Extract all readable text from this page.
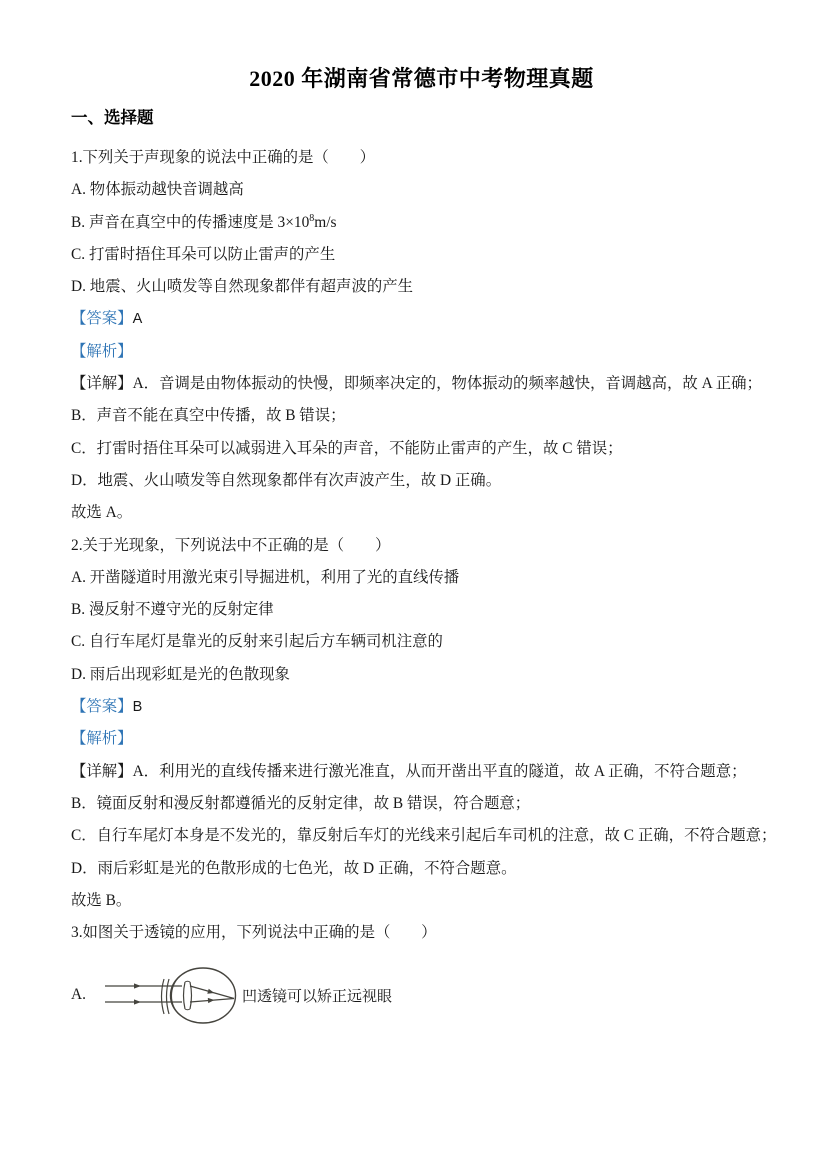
2020 年湖南省常德市中考物理真题
一、选择题
1.下列关于声现象的说法中正确的是（　　）
A. 物体振动越快音调越高
B. 声音在真空中的传播速度是 $3\times 10^8m/s$
C. 打雷时捂住耳朵可以防止雷声的产生
D. 地震、火山喷发等自然现象都伴有超声波的产生
【答案】A
【解析】
【详解】A．音调是由物体振动的快慢，即频率决定的，物体振动的频率越快，音调越高，故 A 正确；
B．声音不能在真空中传播，故 B 错误；
C．打雷时捂住耳朵可以减弱进入耳朵的声音，不能防止雷声的产生，故 C 错误；
D．地震、火山喷发等自然现象都伴有次声波产生，故 D 正确。
故选 A。
2.关于光现象，下列说法中不正确的是（　　）
A. 开凿隧道时用激光束引导掘进机，利用了光的直线传播
B. 漫反射不遵守光的反射定律
C. 自行车尾灯是靠光的反射来引起后方车辆司机注意的
D. 雨后出现彩虹是光的色散现象
【答案】B
【解析】
【详解】A．利用光的直线传播来进行激光准直，从而开凿出平直的隧道，故 A 正确，不符合题意；
B．镜面反射和漫反射都遵循光的反射定律，故 B 错误，符合题意；
C．自行车尾灯本身是不发光的，靠反射后车灯的光线来引起后车司机的注意，故 C 正确，不符合题意；
D．雨后彩虹是光的色散形成的七色光，故 D 正确，不符合题意。
故选 B。
3.如图关于透镜的应用，下列说法中正确的是（　　）
A.	凹透镜可以矫正远视眼
